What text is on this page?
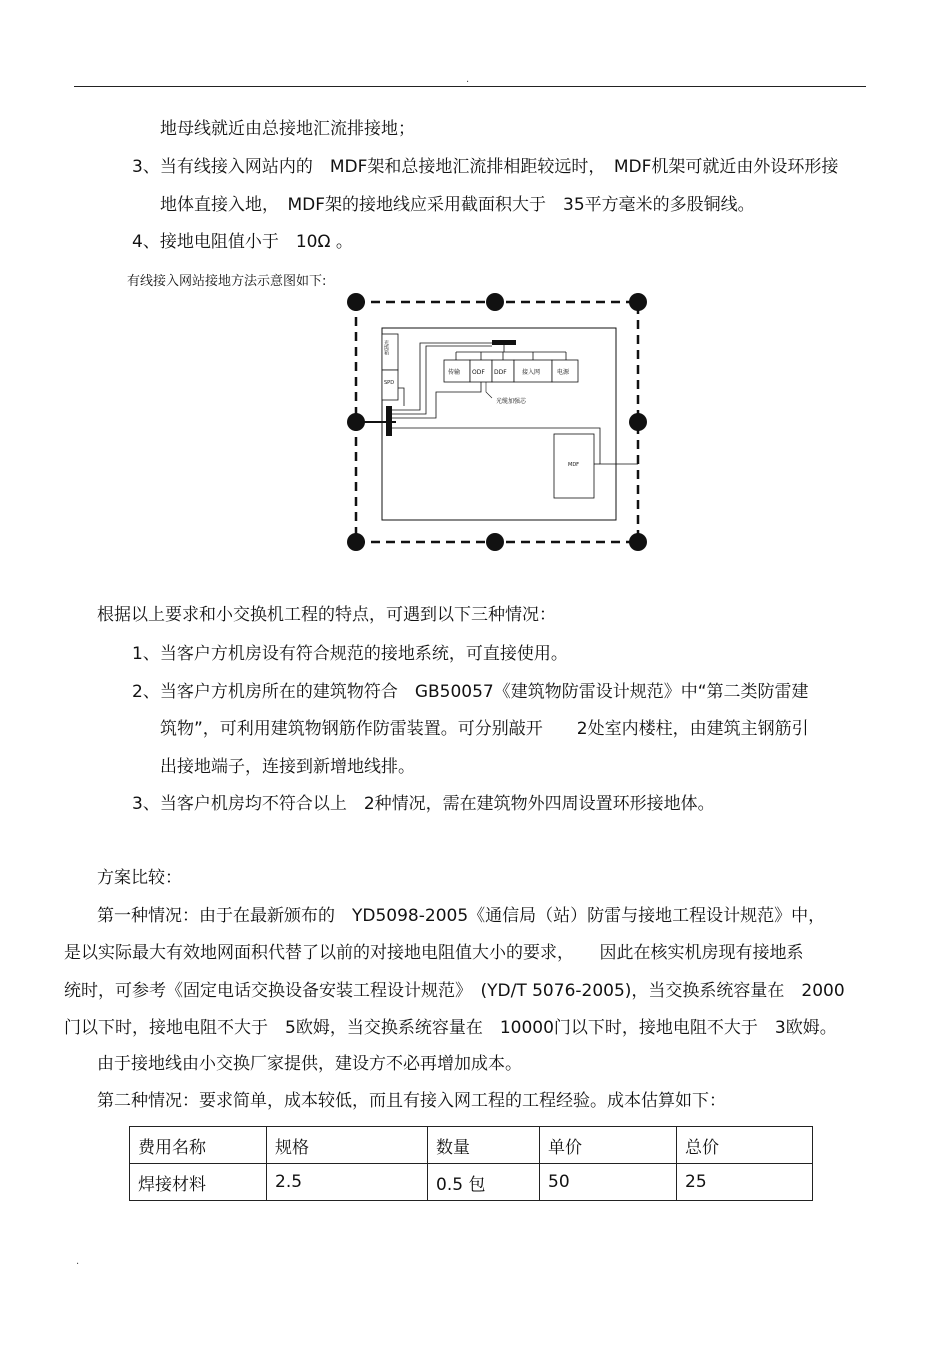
.
地母线就近由总接地汇流排接地；
3、当有线接入网站内的　MDF架和总接地汇流排相距较远时，　MDF机架可就近由外设环形接
地体直接入地，　MDF架的接地线应采用截面积大于　35平方毫米的多股铜线。
4、接地电阻值小于　10Ω 。
有线接入网站接地方法示意图如下:
光缆箱
SPD
传输 ODF DDF	接入网	电源
光缆加强芯
MDF
根据以上要求和小交换机工程的特点，可遇到以下三种情况：
1、当客户方机房设有符合规范的接地系统，可直接使用。
2、当客户方机房所在的建筑物符合　GB50057《建筑物防雷设计规范》中“第二类防雷建
筑物”，可利用建筑物钢筋作防雷装置。可分别敲开　　2处室内楼柱，由建筑主钢筋引
出接地端子，连接到新增地线排。
3、当客户机房均不符合以上　2种情况，需在建筑物外四周设置环形接地体。
方案比较：
第一种情况：由于在最新颁布的　YD5098-2005《通信局（站）防雷与接地工程设计规范》中，
是以实际最大有效地网面积代替了以前的对接地电阻值大小的要求，　　因此在核实机房现有接地系
统时，可参考《固定电话交换设备安装工程设计规范》　(YD/T 5076-2005)，当交换系统容量在　2000
门以下时，接地电阻不大于　5欧姆，当交换系统容量在　10000门以下时，接地电阻不大于　3欧姆。
由于接地线由小交换厂家提供，建设方不必再增加成本。
第二种情况：要求简单，成本较低，而且有接入网工程的工程经验。成本估算如下：
费用名称	规格	数量	单价	总价
焊接材料	2.5	0.5 包	50	25
.
